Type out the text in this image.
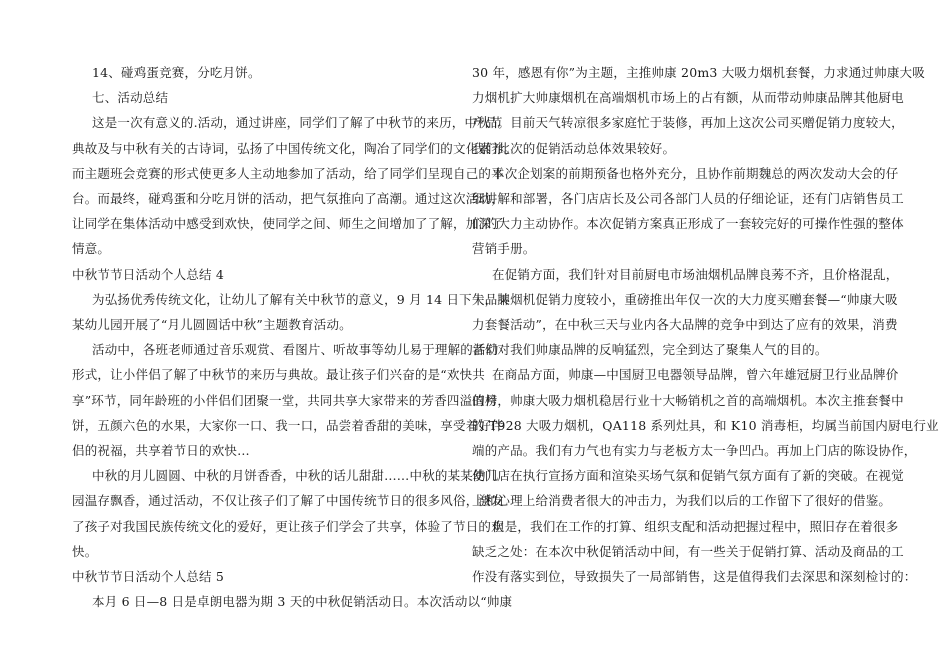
14、碰鸡蛋竞赛，分吃月饼。
七、活动总结
这是一次有意义的.活动，通过讲座，同学们了解了中秋节的来历，中秋节
典故及与中秋有关的古诗词，弘扬了中国传统文化，陶冶了同学们的文化素养。
而主题班会竞赛的形式使更多人主动地参加了活动，给了同学们呈现自己的平
台。而最终，碰鸡蛋和分吃月饼的活动，把气氛推向了高潮。通过这次活动，
让同学在集体活动中感受到欢快，使同学之间、师生之间增加了了解，加深了
情意。
中秋节节日活动个人总结 4
为弘扬优秀传统文化，让幼儿了解有关中秋节的意义，9 月 14 日下午，某
某幼儿园开展了“月儿圆圆话中秋”主题教育活动。
活动中，各班老师通过音乐观赏、看图片、听故事等幼儿易于理解的活动
形式，让小伴侣了解了中秋节的来历与典故。最让孩子们兴奋的是“欢快共
享”环节，同年龄班的小伴侣们团聚一堂，共同共享大家带来的芳香四溢的月
饼，五颜六色的水果，大家你一口、我一口，品尝着香甜的美味，享受着好伴
侣的祝福，共享着节日的欢快…
中秋的月儿圆圆、中秋的月饼香香，中秋的话儿甜甜……中秋的某某幼儿
园温存飘香，通过活动，不仅让孩子们了解了中国传统节日的很多风俗，激发
了孩子对我国民族传统文化的爱好，更让孩子们学会了共享，体验了节日的欢
快。
中秋节节日活动个人总结 5
本月 6 日—8 日是卓朗电器为期 3 天的中秋促销活动日。本次活动以“帅康
30 年，感恩有你”为主题，主推帅康 20m3 大吸力烟机套餐，力求通过帅康大吸
力烟机扩大帅康烟机在高端烟机市场上的占有额，从而带动帅康品牌其他厨电
产品。目前天气转凉很多家庭忙于装修，再加上这次公司买赠促销力度较大，
我们此次的促销活动总体效果较好。
本次企划案的前期预备也格外充分，且协作前期魏总的两次发动大会的仔
细讲解和部署，各门店店长及公司各部门人员的仔细论证，还有门店销售员工
们的大力主动协作。本次促销方案真正形成了一套较完好的可操作性强的整体
营销手册。
在促销方面，我们针对目前厨电市场油烟机品牌良莠不齐，且价格混乱，
大品牌烟机促销力度较小，重磅推出年仅一次的大力度买赠套餐—“帅康大吸
力套餐活动”，在中秋三天与业内各大品牌的竞争中到达了应有的效果，消费
者们对我们帅康品牌的反响猛烈，完全到达了聚集人气的目的。
在商品方面，帅康—中国厨卫电器领导品牌，曾六年雄冠厨卫行业品牌价
值榜，帅康大吸力烟机稳居行业十大畅销机之首的高端烟机。本次主推套餐中
的 T928 大吸力烟机，QA118 系列灶具，和 K10 消毒柜，均属当前国内厨电行业
端的产品。我们有力气也有实力与老板方太一争凹凸。再加上门店的陈设协作，
使门店在执行宣扬方面和渲染买场气氛和促销气氛方面有了新的突破。在视觉
上和心理上给消费者很大的冲击力，为我们以后的工作留下了很好的借鉴。
但是，我们在工作的打算、组织支配和活动把握过程中，照旧存在着很多
缺乏之处：在本次中秋促销活动中间，有一些关于促销打算、活动及商品的工
作没有落实到位，导致损失了一局部销售，这是值得我们去深思和深刻检讨的：
